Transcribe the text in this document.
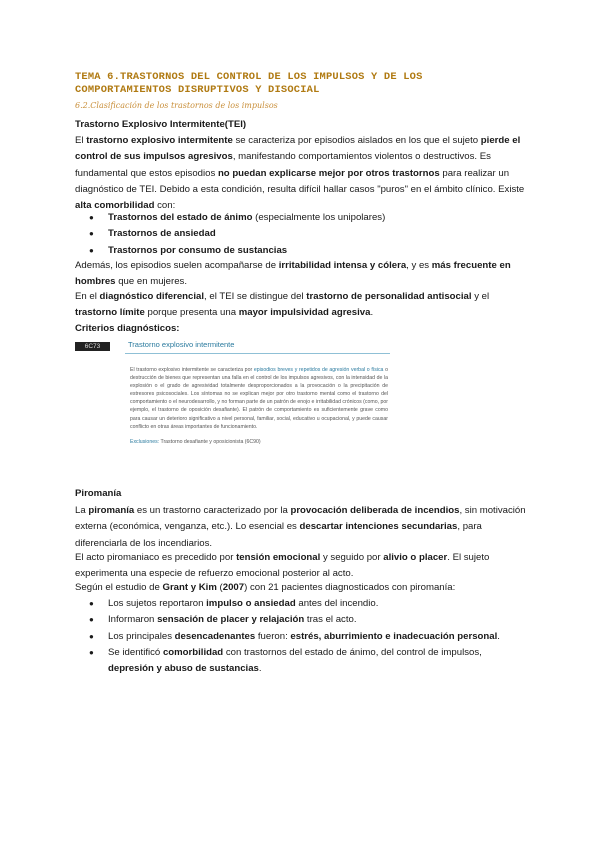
TEMA 6.TRASTORNOS DEL CONTROL DE LOS IMPULSOS Y DE LOS
COMPORTAMIENTOS DISRUPTIVOS Y DISOCIAL
6.2.Clasificación de los trastornos de los impulsos
Trastorno Explosivo Intermitente(TEI)
El trastorno explosivo intermitente se caracteriza por episodios aislados en los que el sujeto pierde el control de sus impulsos agresivos, manifestando comportamientos violentos o destructivos. Es fundamental que estos episodios no puedan explicarse mejor por otros trastornos para realizar un diagnóstico de TEI. Debido a esta condición, resulta difícil hallar casos "puros" en el ámbito clínico. Existe alta comorbilidad con:
● Trastornos del estado de ánimo (especialmente los unipolares)
● Trastornos de ansiedad
● Trastornos por consumo de sustancias
Además, los episodios suelen acompañarse de irritabilidad intensa y cólera, y es más frecuente en hombres que en mujeres.
En el diagnóstico diferencial, el TEI se distingue del trastorno de personalidad antisocial y el trastorno límite porque presenta una mayor impulsividad agresiva.
Criterios diagnósticos:
6C73	Trastorno explosivo intermitente
El trastorno explosivo intermitente se caracteriza por episodios breves y repetidos de agresión verbal o física o destrucción de bienes que representan una falla en el control de los impulsos agresivos, con la intensidad de la explosión o el grado de agresividad totalmente desproporcionados a la provocación o la precipitación de estresores psicosociales. Los síntomas no se explican mejor por otro trastorno mental como el trastorno del comportamiento o el neurodesarrollo, y no forman parte de un patrón de enojo e irritabilidad crónicos (como, por ejemplo, el trastorno de oposición desafiante). El patrón de comportamiento es suficientemente grave como para causar un deterioro significativo a nivel personal, familiar, social, educativo u ocupacional, y puede causar conflicto en otras áreas importantes de funcionamiento.
Exclusiones: Trastorno desafiante y oposicionista (6C90)
Piromanía
La piromanía es un trastorno caracterizado por la provocación deliberada de incendios, sin motivación externa (económica, venganza, etc.). Lo esencial es descartar intenciones secundarias, para diferenciarla de los incendiarios.
El acto piromaniaco es precedido por tensión emocional y seguido por alivio o placer. El sujeto experimenta una especie de refuerzo emocional posterior al acto.
Según el estudio de Grant y Kim (2007) con 21 pacientes diagnosticados con piromanía:
● Los sujetos reportaron impulso o ansiedad antes del incendio.
● Informaron sensación de placer y relajación tras el acto.
● Los principales desencadenantes fueron: estrés, aburrimiento e inadecuación personal.
● Se identificó comorbilidad con trastornos del estado de ánimo, del control de impulsos, depresión y abuso de sustancias.
